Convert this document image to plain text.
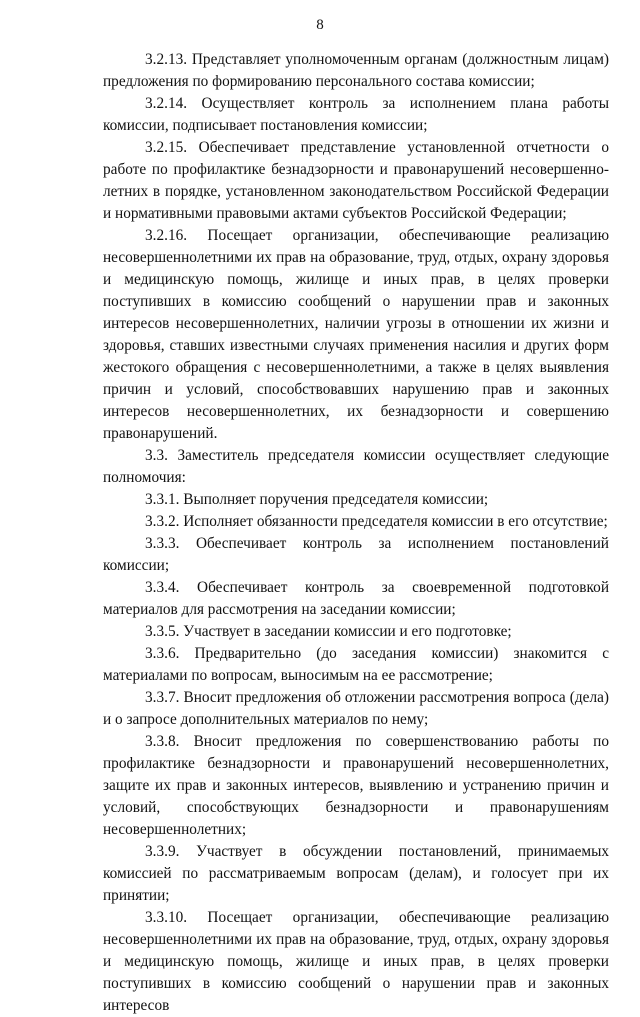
8

3.2.13. Представляет уполномоченным органам (должностным лицам) предложения по формированию персонального состава комиссии;

3.2.14. Осуществляет контроль за исполнением плана работы комиссии, подписывает постановления комиссии;

3.2.15. Обеспечивает представление установленной отчетности о работе по профилактике безнадзорности и правонарушений несовершенно- летних в порядке, установленном законодательством Российской Федерации и нормативными правовыми актами субъектов Российской Федерации;

3.2.16. Посещает организации, обеспечивающие реализацию несовершеннолетними их прав на образование, труд, отдых, охрану здоровья и медицинскую помощь, жилище и иных прав, в целях проверки поступивших в комиссию сообщений о нарушении прав и законных интересов несовершеннолетних, наличии угрозы в отношении их жизни и здоровья, ставших известными случаях применения насилия и других форм жестокого обращения с несовершеннолетними, а также в целях выявления причин и условий, способствовавших нарушению прав и законных интересов несовершеннолетних, их безнадзорности и совершению правонарушений.

3.3. Заместитель председателя комиссии осуществляет следующие полномочия:

3.3.1. Выполняет поручения председателя комиссии;

3.3.2. Исполняет обязанности председателя комиссии в его отсутствие;

3.3.3. Обеспечивает контроль за исполнением постановлений комиссии;

3.3.4. Обеспечивает контроль за своевременной подготовкой материалов для рассмотрения на заседании комиссии;

3.3.5. Участвует в заседании комиссии и его подготовке;

3.3.6. Предварительно (до заседания комиссии) знакомится с материалами по вопросам, выносимым на ее рассмотрение;

3.3.7. Вносит предложения об отложении рассмотрения вопроса (дела) и о запросе дополнительных материалов по нему;

3.3.8. Вносит предложения по совершенствованию работы по профилактике безнадзорности и правонарушений несовершеннолетних, защите их прав и законных интересов, выявлению и устранению причин и условий, способствующих безнадзорности и правонарушениям несовершеннолетних;

3.3.9. Участвует в обсуждении постановлений, принимаемых комиссией по рассматриваемым вопросам (делам), и голосует при их принятии;

3.3.10. Посещает организации, обеспечивающие реализацию несовершеннолетними их прав на образование, труд, отдых, охрану здоровья и медицинскую помощь, жилище и иных прав, в целях проверки поступивших в комиссию сообщений о нарушении прав и законных интересов
